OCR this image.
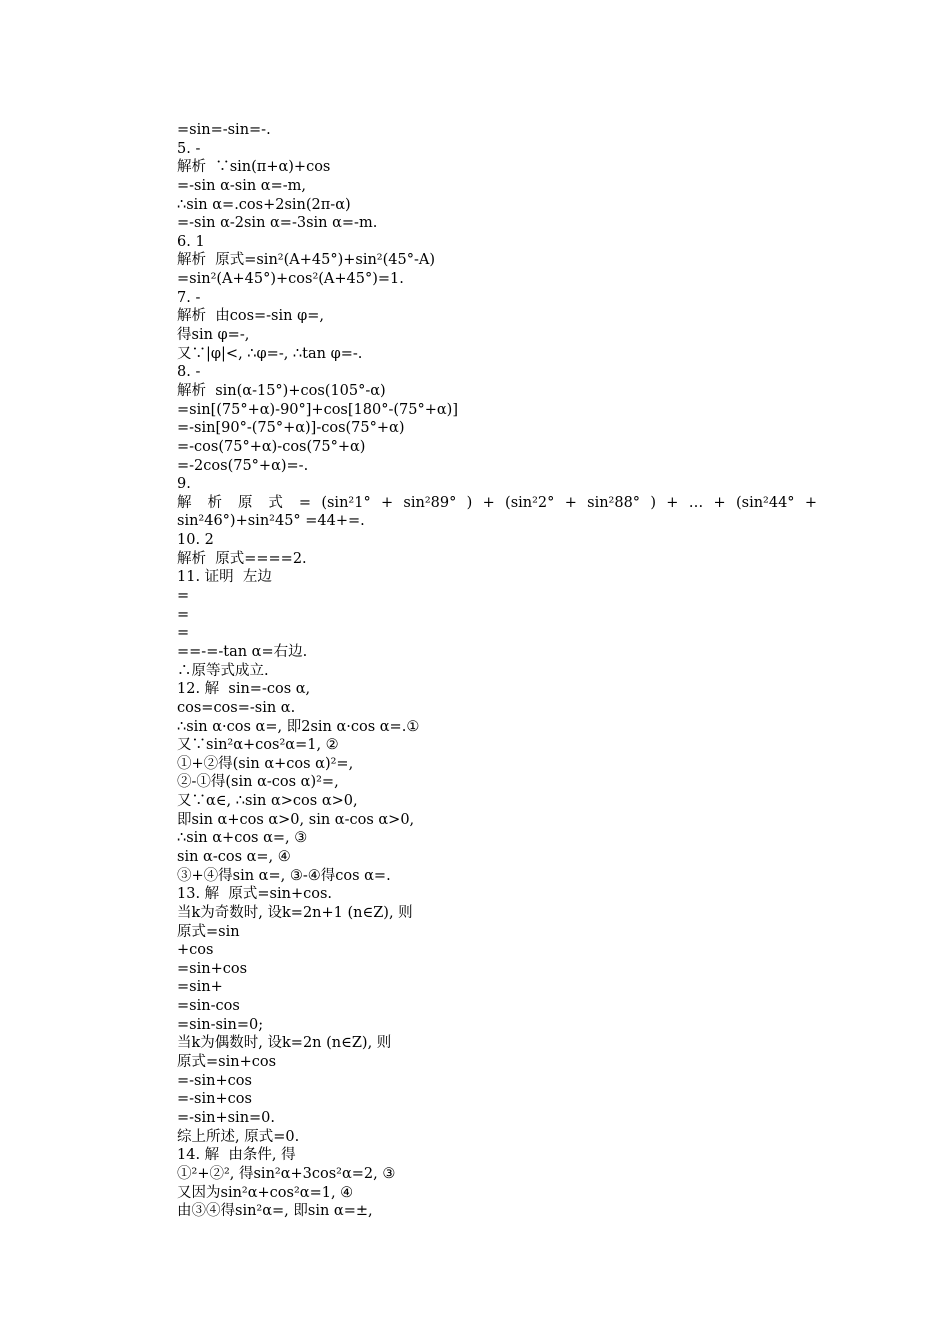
=sin=-sin=-.
5. -
解析  ∵sin(π+α)+cos
=-sin α-sin α=-m,
∴sin α=.cos+2sin(2π-α)
=-sin α-2sin α=-3sin α=-m.
6. 1
解析  原式=sin²(A+45°)+sin²(45°-A)
=sin²(A+45°)+cos²(A+45°)=1.
7. -
解析  由cos=-sin φ=,
得sin φ=-,
又∵|φ|<, ∴φ=-, ∴tan φ=-.
8. -
解析  sin(α-15°)+cos(105°-α)
=sin[(75°+α)-90°]+cos[180°-(75°+α)]
=-sin[90°-(75°+α)]-cos(75°+α)
=-cos(75°+α)-cos(75°+α)
=-2cos(75°+α)=-.
9.
解 析 原 式 = (sin²1° + sin²89° ) + (sin²2° + sin²88° ) + … + (sin²44° +
sin²46°)+sin²45° =44+=.
10. 2
解析  原式====2.
11. 证明  左边
=
=
=
==-=-tan α=右边.
∴原等式成立.
12. 解  sin=-cos α,
cos=cos=-sin α.
∴sin α·cos α=, 即2sin α·cos α=.①
又∵sin²α+cos²α=1, ②
①+②得(sin α+cos α)²=,
②-①得(sin α-cos α)²=,
又∵α∈, ∴sin α>cos α>0,
即sin α+cos α>0, sin α-cos α>0,
∴sin α+cos α=, ③
sin α-cos α=, ④
③+④得sin α=, ③-④得cos α=.
13. 解  原式=sin+cos.
当k为奇数时, 设k=2n+1 (n∈Z), 则
原式=sin
+cos
=sin+cos
=sin+
=sin-cos
=sin-sin=0;
当k为偶数时, 设k=2n (n∈Z), 则
原式=sin+cos
=-sin+cos
=-sin+cos
=-sin+sin=0.
综上所述, 原式=0.
14. 解  由条件, 得
①²+②², 得sin²α+3cos²α=2, ③
又因为sin²α+cos²α=1, ④
由③④得sin²α=, 即sin α=±,
